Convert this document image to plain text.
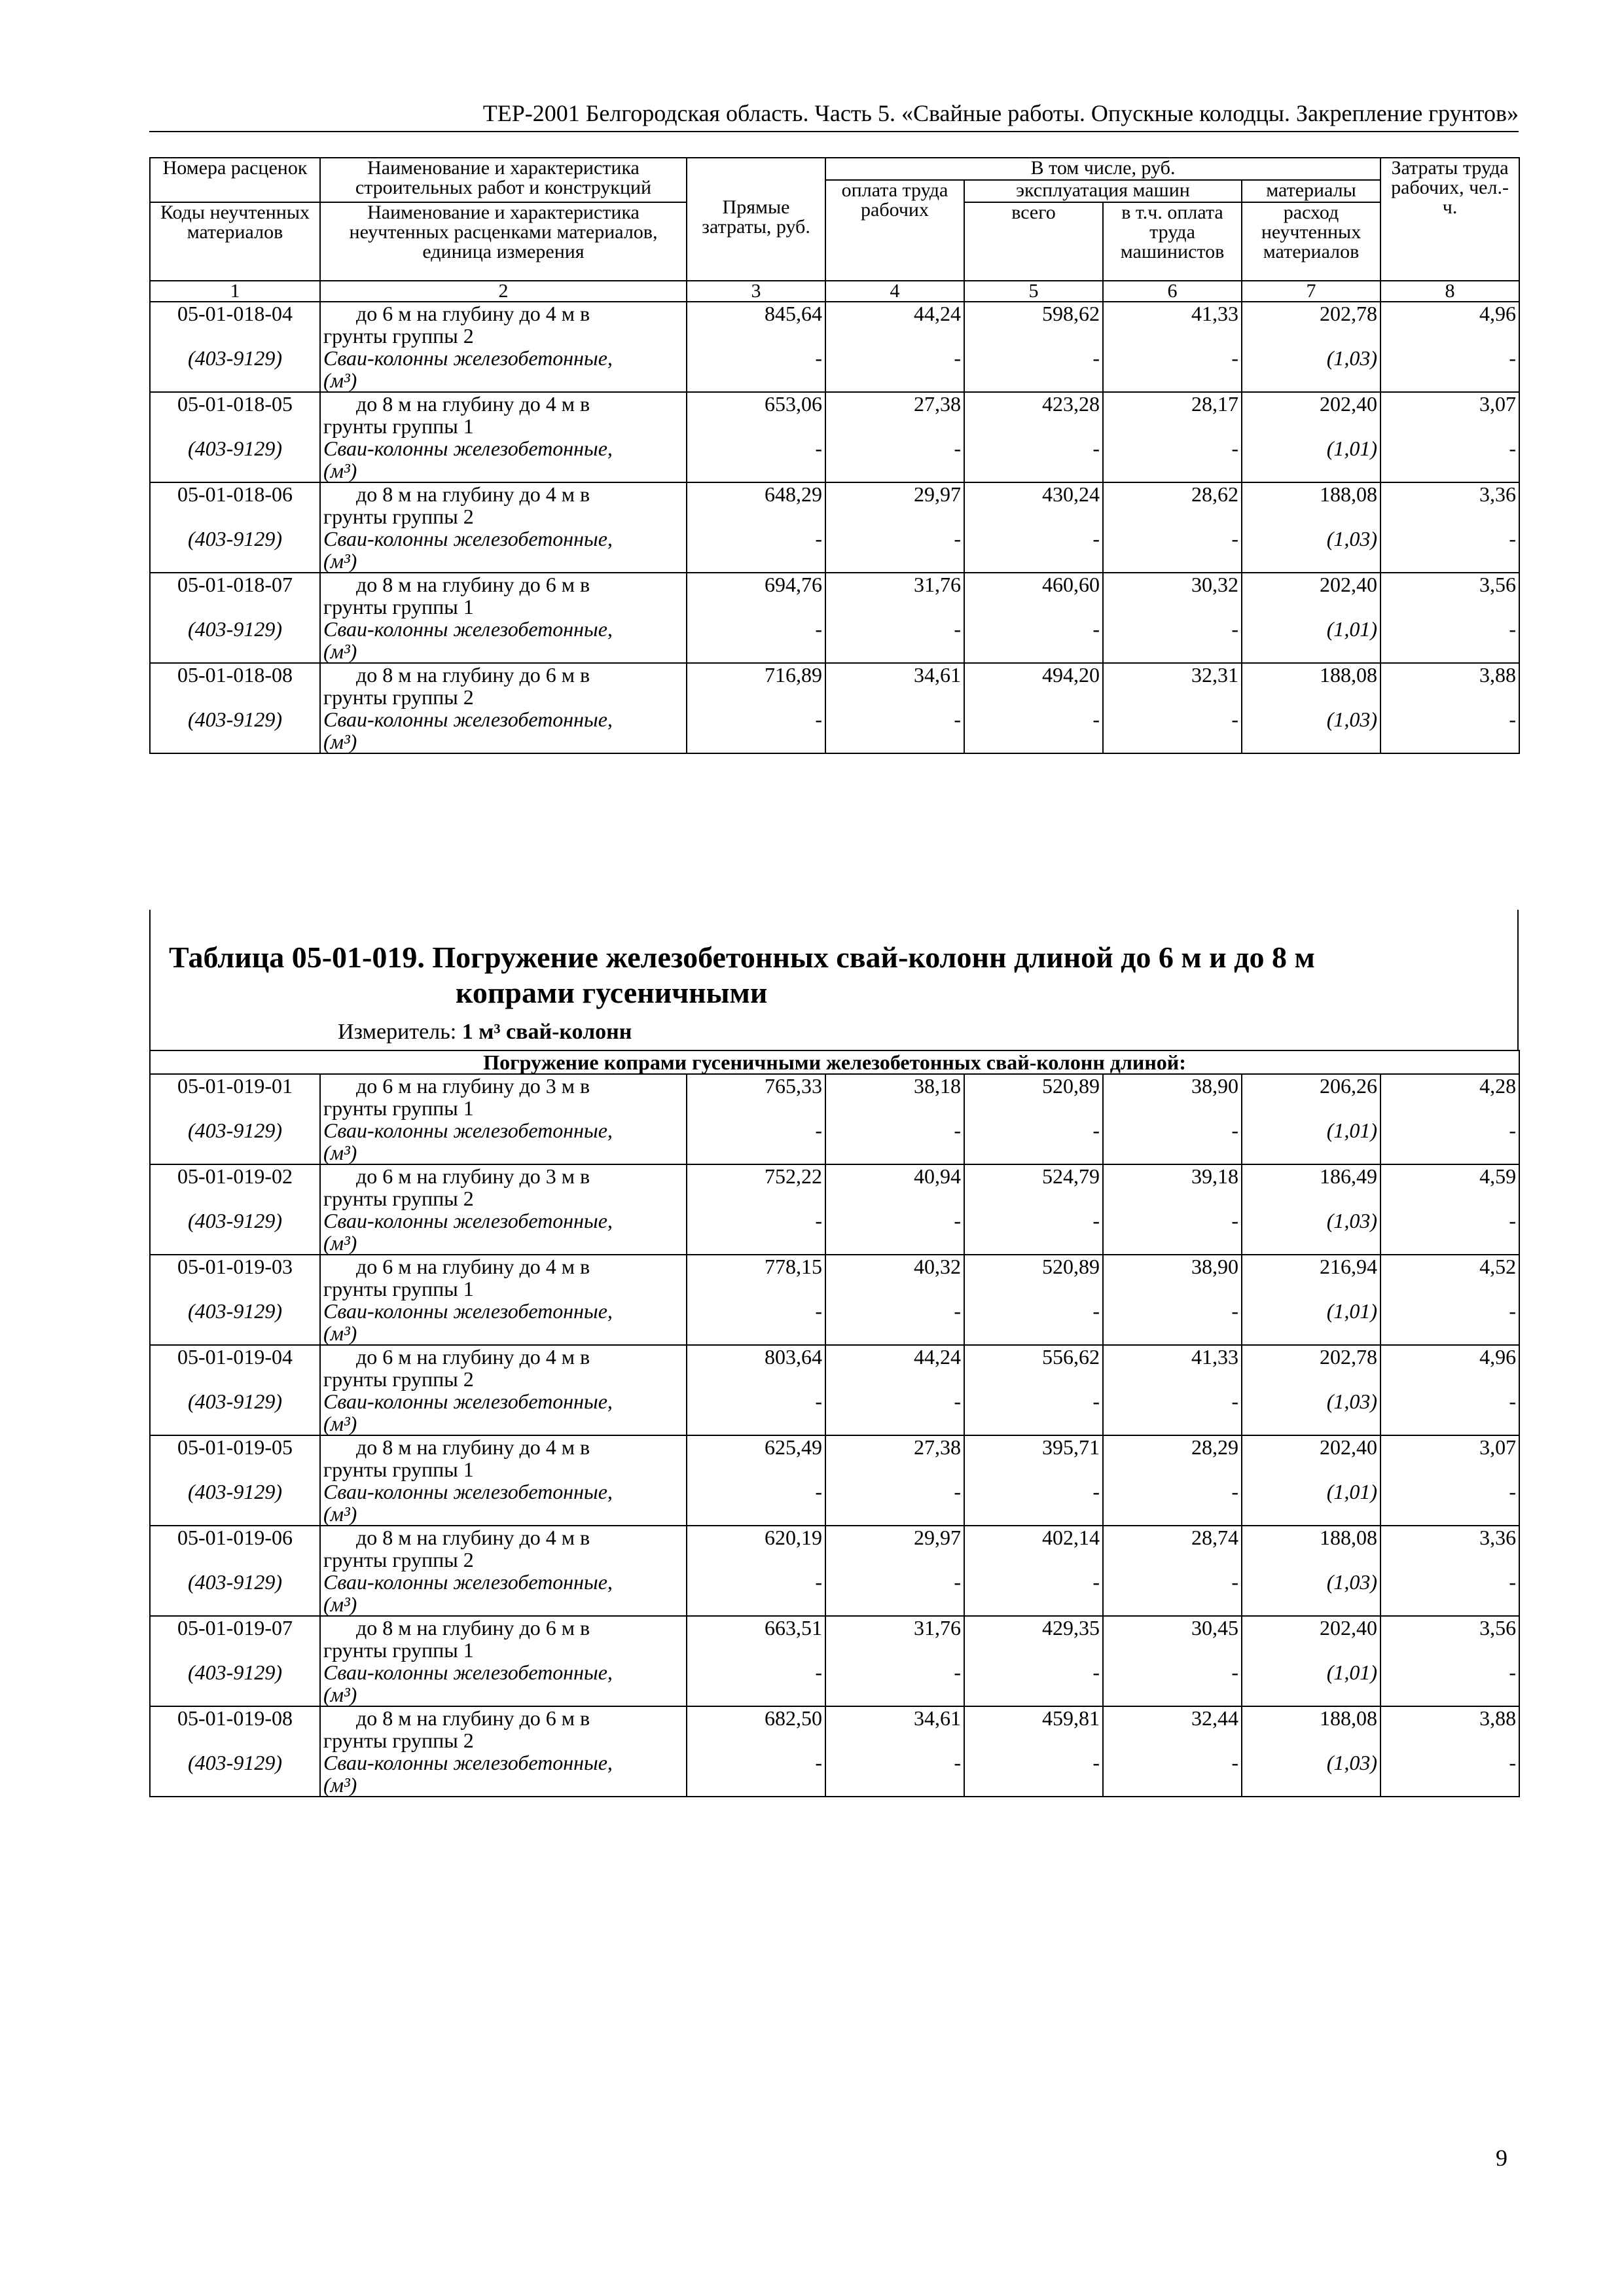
ТЕР-2001 Белгородская область. Часть 5. «Свайные работы. Опускные колодцы. Закрепление грунтов»
Номера расценок	Наименование и характеристика строительных работ и конструкций	Прямые затраты, руб.	В том числе, руб.				Затраты труда рабочих, чел.-ч.
			оплата труда рабочих	эксплуатация машин		материалы	
Коды неучтенных материалов	Наименование и характеристика неучтенных расценками материалов, единица измерения			всего	в т.ч. оплата труда машинистов	расход неучтенных материалов	

1	2	3	4	5	6	7	8
05-01-018-04	до 6 м на глубину до 4 м в	845,64	44,24	598,62	41,33	202,78	4,96
	грунты группы 2						
(403-9129)	Сваи-колонны железобетонные,	-	-	-	-	(1,03)	-
	(м³)						
05-01-018-05	до 8 м на глубину до 4 м в	653,06	27,38	423,28	28,17	202,40	3,07
	грунты группы 1						
(403-9129)	Сваи-колонны железобетонные,	-	-	-	-	(1,01)	-
	(м³)						
05-01-018-06	до 8 м на глубину до 4 м в	648,29	29,97	430,24	28,62	188,08	3,36
	грунты группы 2						
(403-9129)	Сваи-колонны железобетонные,	-	-	-	-	(1,03)	-
	(м³)						
05-01-018-07	до 8 м на глубину до 6 м в	694,76	31,76	460,60	30,32	202,40	3,56
	грунты группы 1						
(403-9129)	Сваи-колонны железобетонные,	-	-	-	-	(1,01)	-
	(м³)						
05-01-018-08	до 8 м на глубину до 6 м в	716,89	34,61	494,20	32,31	188,08	3,88
	грунты группы 2						
(403-9129)	Сваи-колонны железобетонные,	-	-	-	-	(1,03)	-
	(м³)						
Таблица 05-01-019. Погружение железобетонных свай-колонн длиной до 6 м и до 8 м
копрами гусеничными
Измеритель: 1 м³ свай-колонн
Погружение копрами гусеничными железобетонных свай-колонн длиной:							
05-01-019-01	до 6 м на глубину до 3 м в	765,33	38,18	520,89	38,90	206,26	4,28
	грунты группы 1						
(403-9129)	Сваи-колонны железобетонные,	-	-	-	-	(1,01)	-
	(м³)						
05-01-019-02	до 6 м на глубину до 3 м в	752,22	40,94	524,79	39,18	186,49	4,59
	грунты группы 2						
(403-9129)	Сваи-колонны железобетонные,	-	-	-	-	(1,03)	-
	(м³)						
05-01-019-03	до 6 м на глубину до 4 м в	778,15	40,32	520,89	38,90	216,94	4,52
	грунты группы 1						
(403-9129)	Сваи-колонны железобетонные,	-	-	-	-	(1,01)	-
	(м³)						
05-01-019-04	до 6 м на глубину до 4 м в	803,64	44,24	556,62	41,33	202,78	4,96
	грунты группы 2						
(403-9129)	Сваи-колонны железобетонные,	-	-	-	-	(1,03)	-
	(м³)						
05-01-019-05	до 8 м на глубину до 4 м в	625,49	27,38	395,71	28,29	202,40	3,07
	грунты группы 1						
(403-9129)	Сваи-колонны железобетонные,	-	-	-	-	(1,01)	-
	(м³)						
05-01-019-06	до 8 м на глубину до 4 м в	620,19	29,97	402,14	28,74	188,08	3,36
	грунты группы 2						
(403-9129)	Сваи-колонны железобетонные,	-	-	-	-	(1,03)	-
	(м³)						
05-01-019-07	до 8 м на глубину до 6 м в	663,51	31,76	429,35	30,45	202,40	3,56
	грунты группы 1						
(403-9129)	Сваи-колонны железобетонные,	-	-	-	-	(1,01)	-
	(м³)						
05-01-019-08	до 8 м на глубину до 6 м в	682,50	34,61	459,81	32,44	188,08	3,88
	грунты группы 2						
(403-9129)	Сваи-колонны железобетонные,	-	-	-	-	(1,03)	-
	(м³)						
9
